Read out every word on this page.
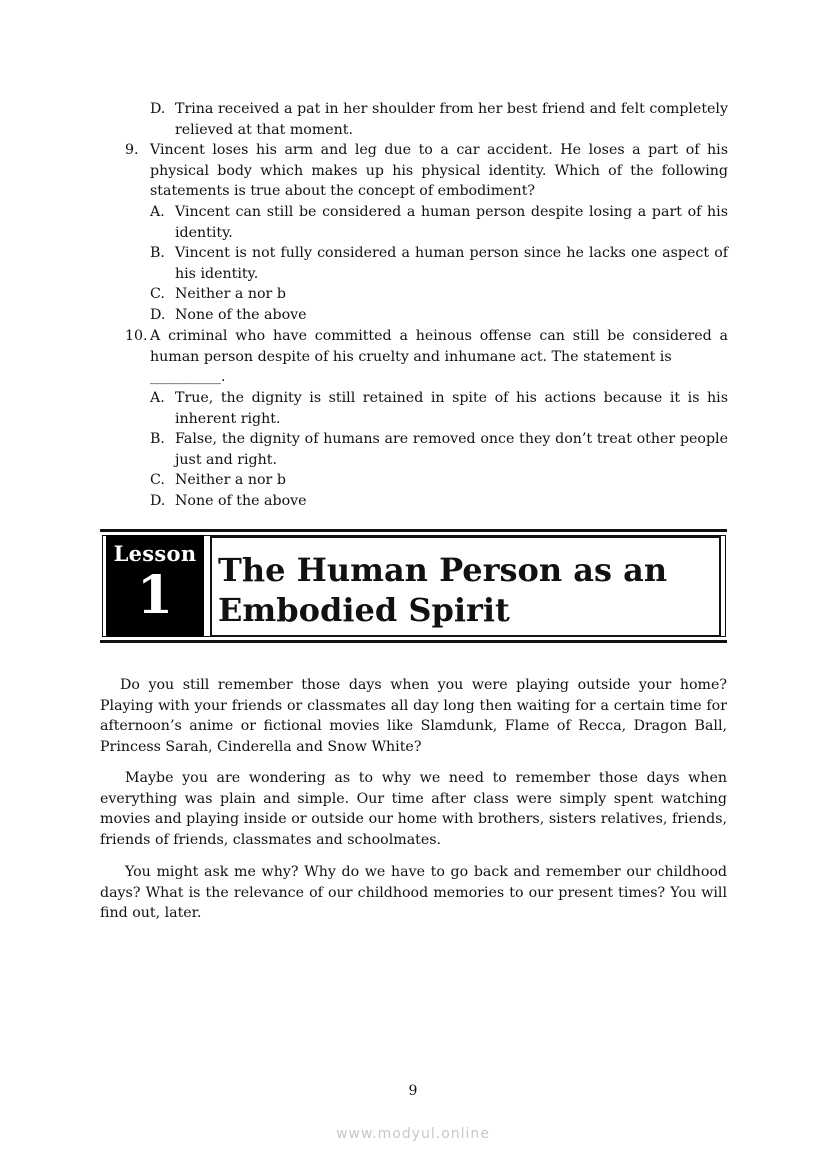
D. Trina received a pat in her shoulder from her best friend and felt completely relieved at that moment.
9. Vincent loses his arm and leg due to a car accident. He loses a part of his physical body which makes up his physical identity. Which of the following statements is true about the concept of embodiment?
A. Vincent can still be considered a human person despite losing a part of his identity.
B. Vincent is not fully considered a human person since he lacks one aspect of his identity.
C. Neither a nor b
D. None of the above
10. A criminal who have committed a heinous offense can still be considered a human person despite of his cruelty and inhumane act. The statement is
__________.
A. True, the dignity is still retained in spite of his actions because it is his inherent right.
B. False, the dignity of humans are removed once they don’t treat other people just and right.
C. Neither a nor b
D. None of the above
Lesson
1	The Human Person as an
Embodied Spirit
Do you still remember those days when you were playing outside your home? Playing with your friends or classmates all day long then waiting for a certain time for afternoon’s anime or fictional movies like Slamdunk, Flame of Recca, Dragon Ball, Princess Sarah, Cinderella and Snow White?
Maybe you are wondering as to why we need to remember those days when everything was plain and simple. Our time after class were simply spent watching movies and playing inside or outside our home with brothers, sisters relatives, friends, friends of friends, classmates and schoolmates.
You might ask me why? Why do we have to go back and remember our childhood days? What is the relevance of our childhood memories to our present times? You will find out, later.
9
www.modyul.online
